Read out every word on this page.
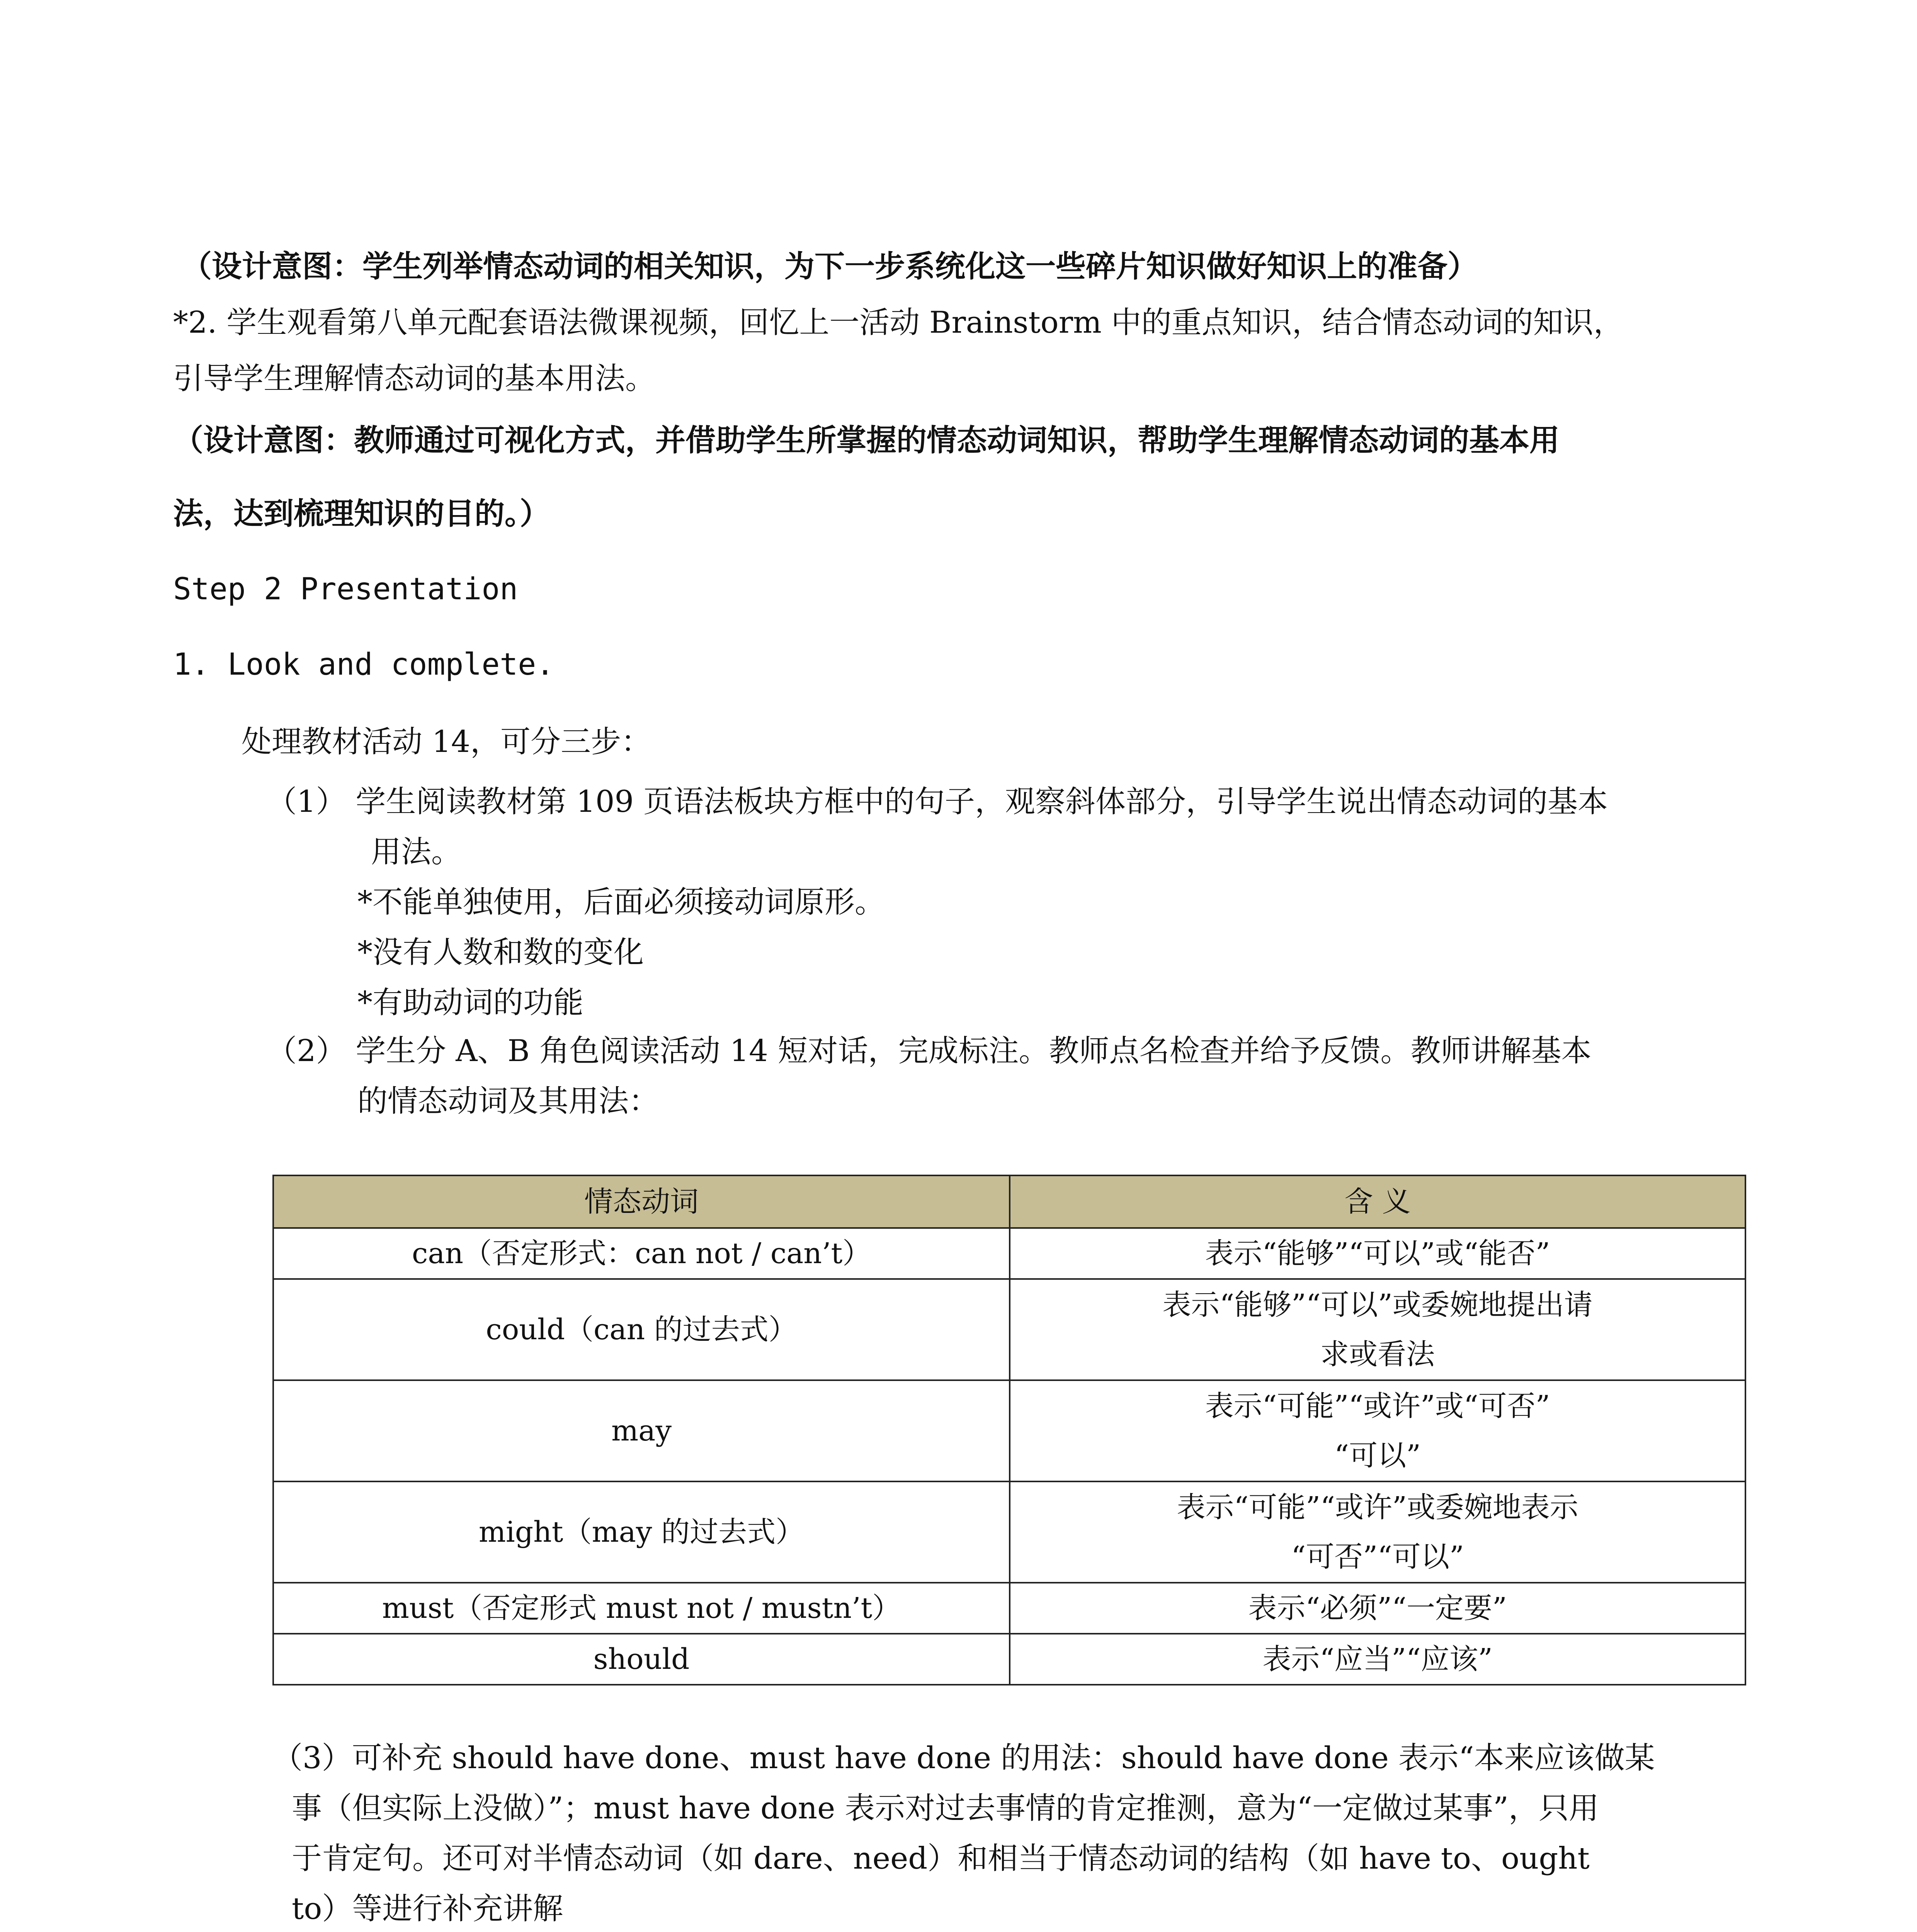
（设计意图：学生列举情态动词的相关知识，为下一步系统化这一些碎片知识做好知识上的准备）
*2. 学生观看第八单元配套语法微课视频，回忆上一活动 Brainstorm 中的重点知识，结合情态动词的知识，
引导学生理解情态动词的基本用法。
（设计意图：教师通过可视化方式，并借助学生所掌握的情态动词知识，帮助学生理解情态动词的基本用
法，达到梳理知识的目的。）
Step 2 Presentation
1. Look and complete.
处理教材活动 14，可分三步：
（1） 学生阅读教材第 109 页语法板块方框中的句子，观察斜体部分，引导学生说出情态动词的基本
用法。
*不能单独使用，后面必须接动词原形。
*没有人数和数的变化
*有助动词的功能
（2） 学生分 A、B 角色阅读活动 14 短对话，完成标注。教师点名检查并给予反馈。教师讲解基本
的情态动词及其用法：
情态动词	含 义
can（否定形式：can not / can’t）	表示“能够”“可以”或“能否”
could（can 的过去式）	表示“能够”“可以”或委婉地提出请
求或看法

may	表示“可能”“或许”或“可否”
“可以”

might（may 的过去式）	表示“可能”“或许”或委婉地表示
“可否”“可以”

must（否定形式 must not / mustn’t）	表示“必须”“一定要”
should	表示“应当”“应该”
（3）可补充 should have done、must have done 的用法：should have done 表示“本来应该做某
事（但实际上没做）”；must have done 表示对过去事情的肯定推测，意为“一定做过某事”，只用
于肯定句。还可对半情态动词（如 dare、need）和相当于情态动词的结构（如 have to、ought
to）等进行补充讲解
